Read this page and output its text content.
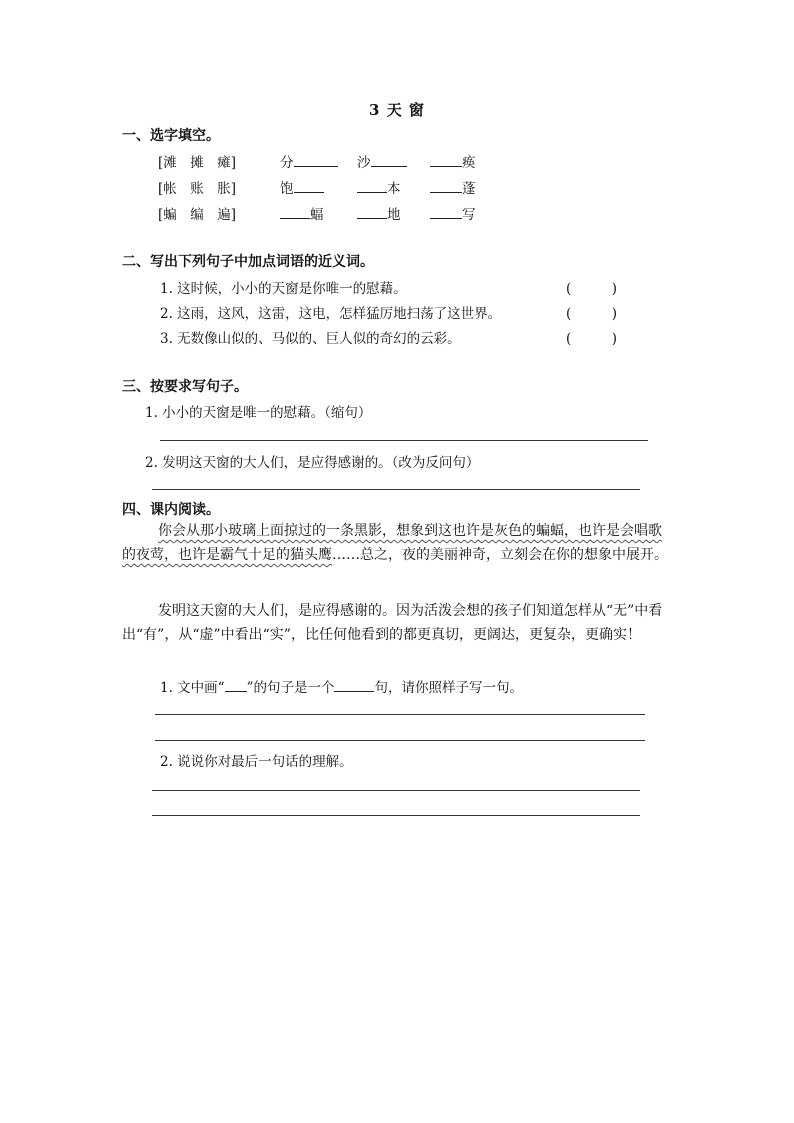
3 天 窗
一、选字填空。
[滩　摊　瘫]	分	沙	痪
[帐　账　胀]	饱	本	蓬
[蝙　编　遍]	蝠	地	写
二、写出下列句子中加点词语的近义词。
1. 这时候，小小的天窗是你唯一的慰藉。	(　　　)
2. 这雨，这风，这雷，这电，怎样猛厉地扫荡了这世界。	(　　　)
3. 无数像山似的、马似的、巨人似的奇幻的云彩。	(　　　)
三、按要求写句子。
1. 小小的天窗是唯一的慰藉。（缩句）
2. 发明这天窗的大人们，是应得感谢的。（改为反问句）
四、课内阅读。
你会从那小玻璃上面掠过的一条黑影，想象到这也许是灰色的蝙蝠，也许是会唱歌的夜莺，也许是霸气十足的猫头鹰……总之，夜的美丽神奇，立刻会在你的想象中展开。
发明这天窗的大人们，是应得感谢的。因为活泼会想的孩子们知道怎样从“无”中看出“有”，从“虚”中看出“实”，比任何他看到的都更真切，更阔达，更复杂，更确实！
1. 文中画“ ”的句子是一个	句，请你照样子写一句。
2. 说说你对最后一句话的理解。
